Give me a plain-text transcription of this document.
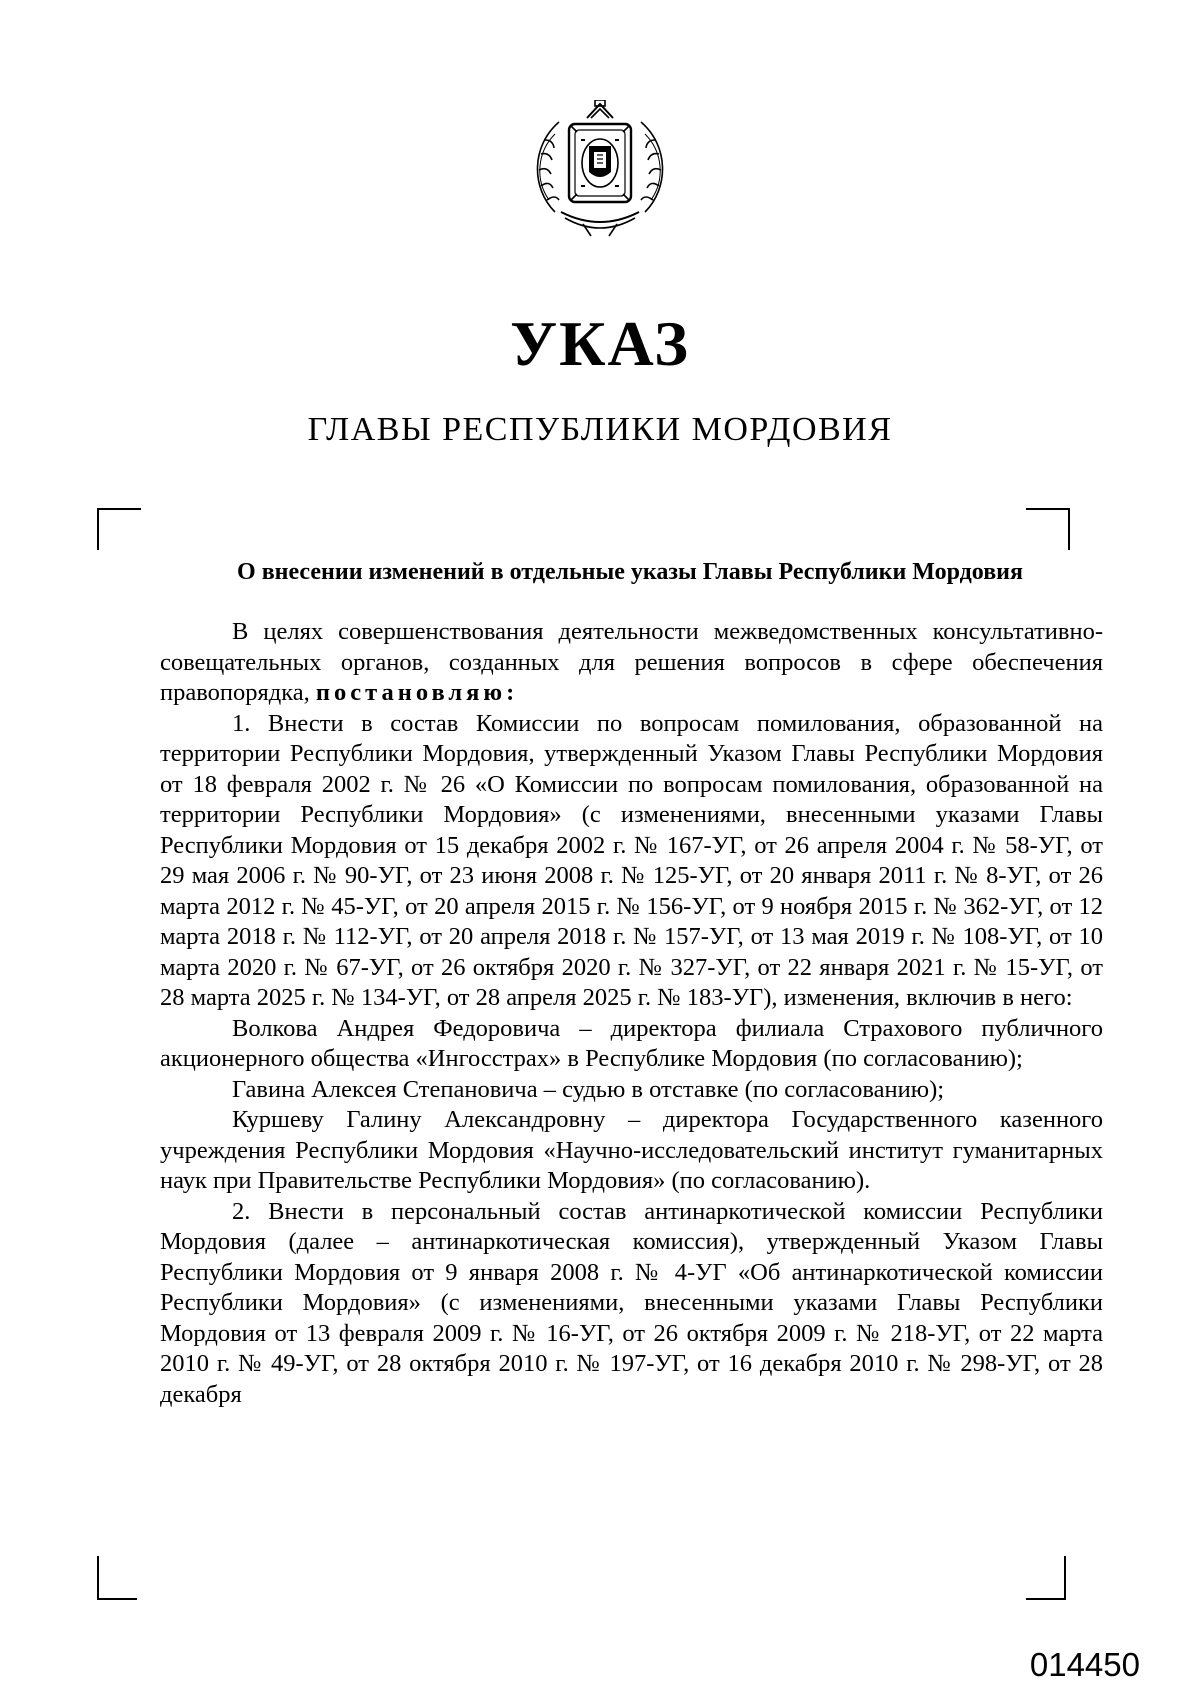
УКАЗ
ГЛАВЫ РЕСПУБЛИКИ МОРДОВИЯ
О внесении изменений в отдельные указы Главы Республики Мордовия

В целях совершенствования деятельности межведомственных консультативно-совещательных органов, созданных для решения вопросов в сфере обеспечения правопорядка, постановляю:

1. Внести в состав Комиссии по вопросам помилования, образованной на территории Республики Мордовия, утвержденный Указом Главы Республики Мордовия от 18 февраля 2002 г. № 26 «О Комиссии по вопросам помилования, образованной на территории Республики Мордовия» (с изменениями, внесенными указами Главы Республики Мордовия от 15 декабря 2002 г. № 167-УГ, от 26 апреля 2004 г. № 58-УГ, от 29 мая 2006 г. № 90-УГ, от 23 июня 2008 г. № 125-УГ, от 20 января 2011 г. № 8-УГ, от 26 марта 2012 г. № 45-УГ, от 20 апреля 2015 г. № 156-УГ, от 9 ноября 2015 г. № 362-УГ, от 12 марта 2018 г. № 112-УГ, от 20 апреля 2018 г. № 157-УГ, от 13 мая 2019 г. № 108-УГ, от 10 марта 2020 г. № 67-УГ, от 26 октября 2020 г. № 327-УГ, от 22 января 2021 г. № 15-УГ, от 28 марта 2025 г. № 134-УГ, от 28 апреля 2025 г. № 183-УГ), изменения, включив в него:

Волкова Андрея Федоровича – директора филиала Страхового публичного акционерного общества «Ингосстрах» в Республике Мордовия (по согласованию);

Гавина Алексея Степановича – судью в отставке (по согласованию);

Куршеву Галину Александровну – директора Государственного казенного учреждения Республики Мордовия «Научно-исследовательский институт гуманитарных наук при Правительстве Республики Мордовия» (по согласованию).

2. Внести в персональный состав антинаркотической комиссии Республики Мордовия (далее – антинаркотическая комиссия), утвержденный Указом Главы Республики Мордовия от 9 января 2008 г. № 4-УГ «Об антинаркотической комиссии Республики Мордовия» (с изменениями, внесенными указами Главы Республики Мордовия от 13 февраля 2009 г. № 16-УГ, от 26 октября 2009 г. № 218-УГ, от 22 марта 2010 г. № 49-УГ, от 28 октября 2010 г. № 197-УГ, от 16 декабря 2010 г. № 298-УГ, от 28 декабря

014450
